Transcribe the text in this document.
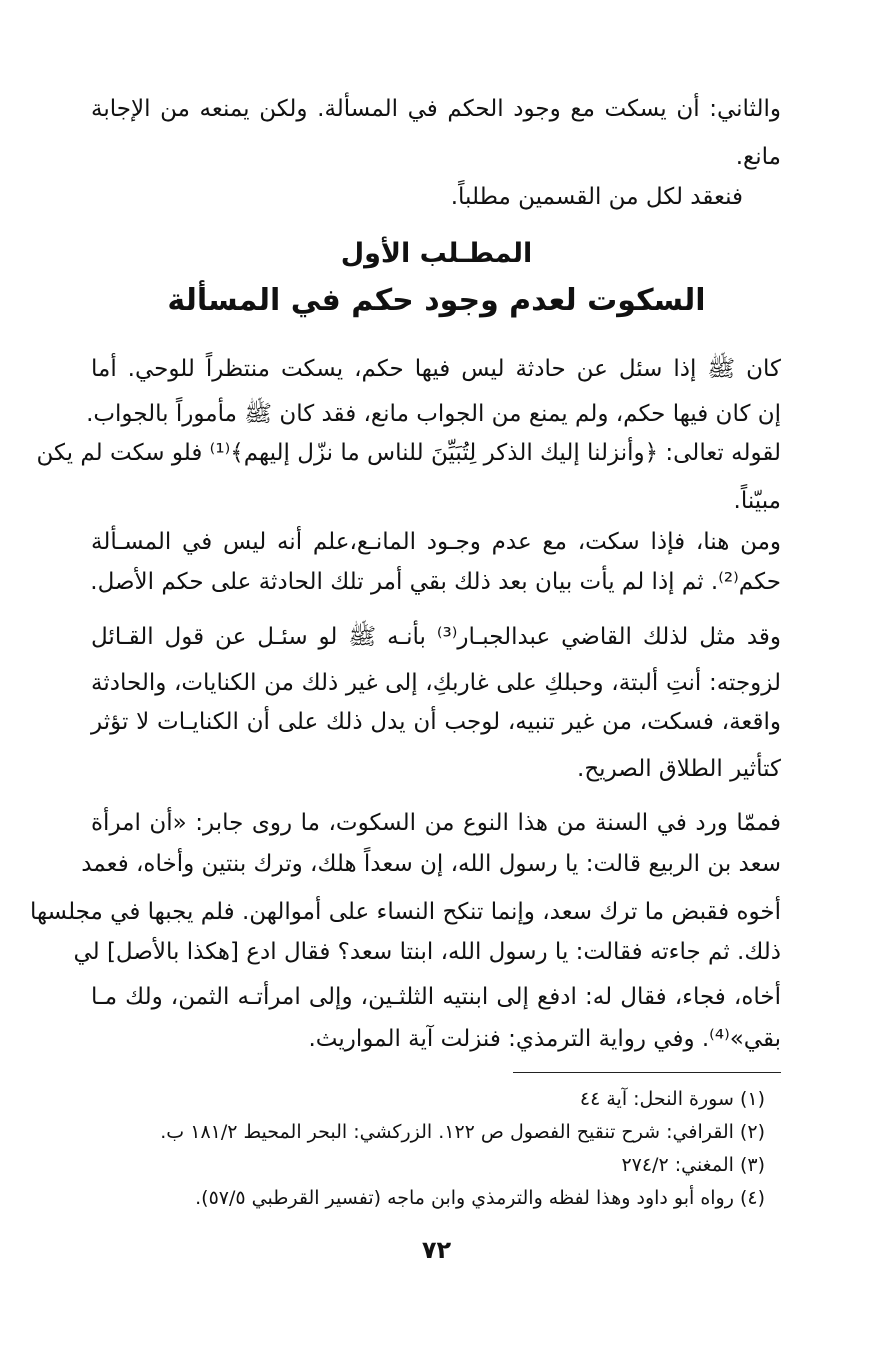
والثاني: أن يسكت مع وجود الحكم في المسألة. ولكن يمنعه من الإجابة
مانع.
فنعقد لكل من القسمين مطلباً.
المطـلب الأول
السكوت لعدم وجود حكم في المسألة
كان ﷺ إذا سئل عن حادثة ليس فيها حكم، يسكت منتظراً للوحي. أما
إن كان فيها حكم، ولم يمنع من الجواب مانع، فقد كان ﷺ مأموراً بالجواب.
لقوله تعالى: ﴿وأنزلنا إليك الذكر لِتُبَيِّنَ للناس ما نزّل إليهم﴾⁽¹⁾ فلو سكت لم يكن
مبيّناً.
ومن هنا، فإذا سكت، مع عدم وجـود المانـع،علم أنه ليس في المسـألة
حكم⁽²⁾. ثم إذا لم يأت بيان بعد ذلك بقي أمر تلك الحادثة على حكم الأصل.
وقد مثل لذلك القاضي عبدالجبـار⁽³⁾ بأنـه ﷺ لو سئـل عن قول القـائل
لزوجته: أنتِ ألبتة، وحبلكِ على غاربكِ، إلى غير ذلك من الكنايات، والحادثة
واقعة، فسكت، من غير تنبيه، لوجب أن يدل ذلك على أن الكنايـات لا تؤثر
كتأثير الطلاق الصريح.
فممّا ورد في السنة من هذا النوع من السكوت، ما روى جابر: «أن امرأة
سعد بن الربيع قالت: يا رسول الله، إن سعداً هلك، وترك بنتين وأخاه، فعمد
أخوه فقبض ما ترك سعد، وإنما تنكح النساء على أموالهن. فلم يجبها في مجلسها
ذلك. ثم جاءته فقالت: يا رسول الله، ابنتا سعد؟ فقال ادع [هكذا بالأصل] لي
أخاه، فجاء، فقال له: ادفع إلى ابنتيه الثلثـين، وإلى امرأتـه الثمن، ولك مـا
بقي»⁽⁴⁾. وفي رواية الترمذي: فنزلت آية المواريث.
(١) سورة النحل: آية ٤٤
(٢) القرافي: شرح تنقيح الفصول ص ١٢٢. الزركشي: البحر المحيط ١٨١/٢ ب.
(٣) المغني: ٢٧٤/٢
(٤) رواه أبو داود وهذا لفظه والترمذي وابن ماجه (تفسير القرطبي ٥٧/٥).
٧٢
